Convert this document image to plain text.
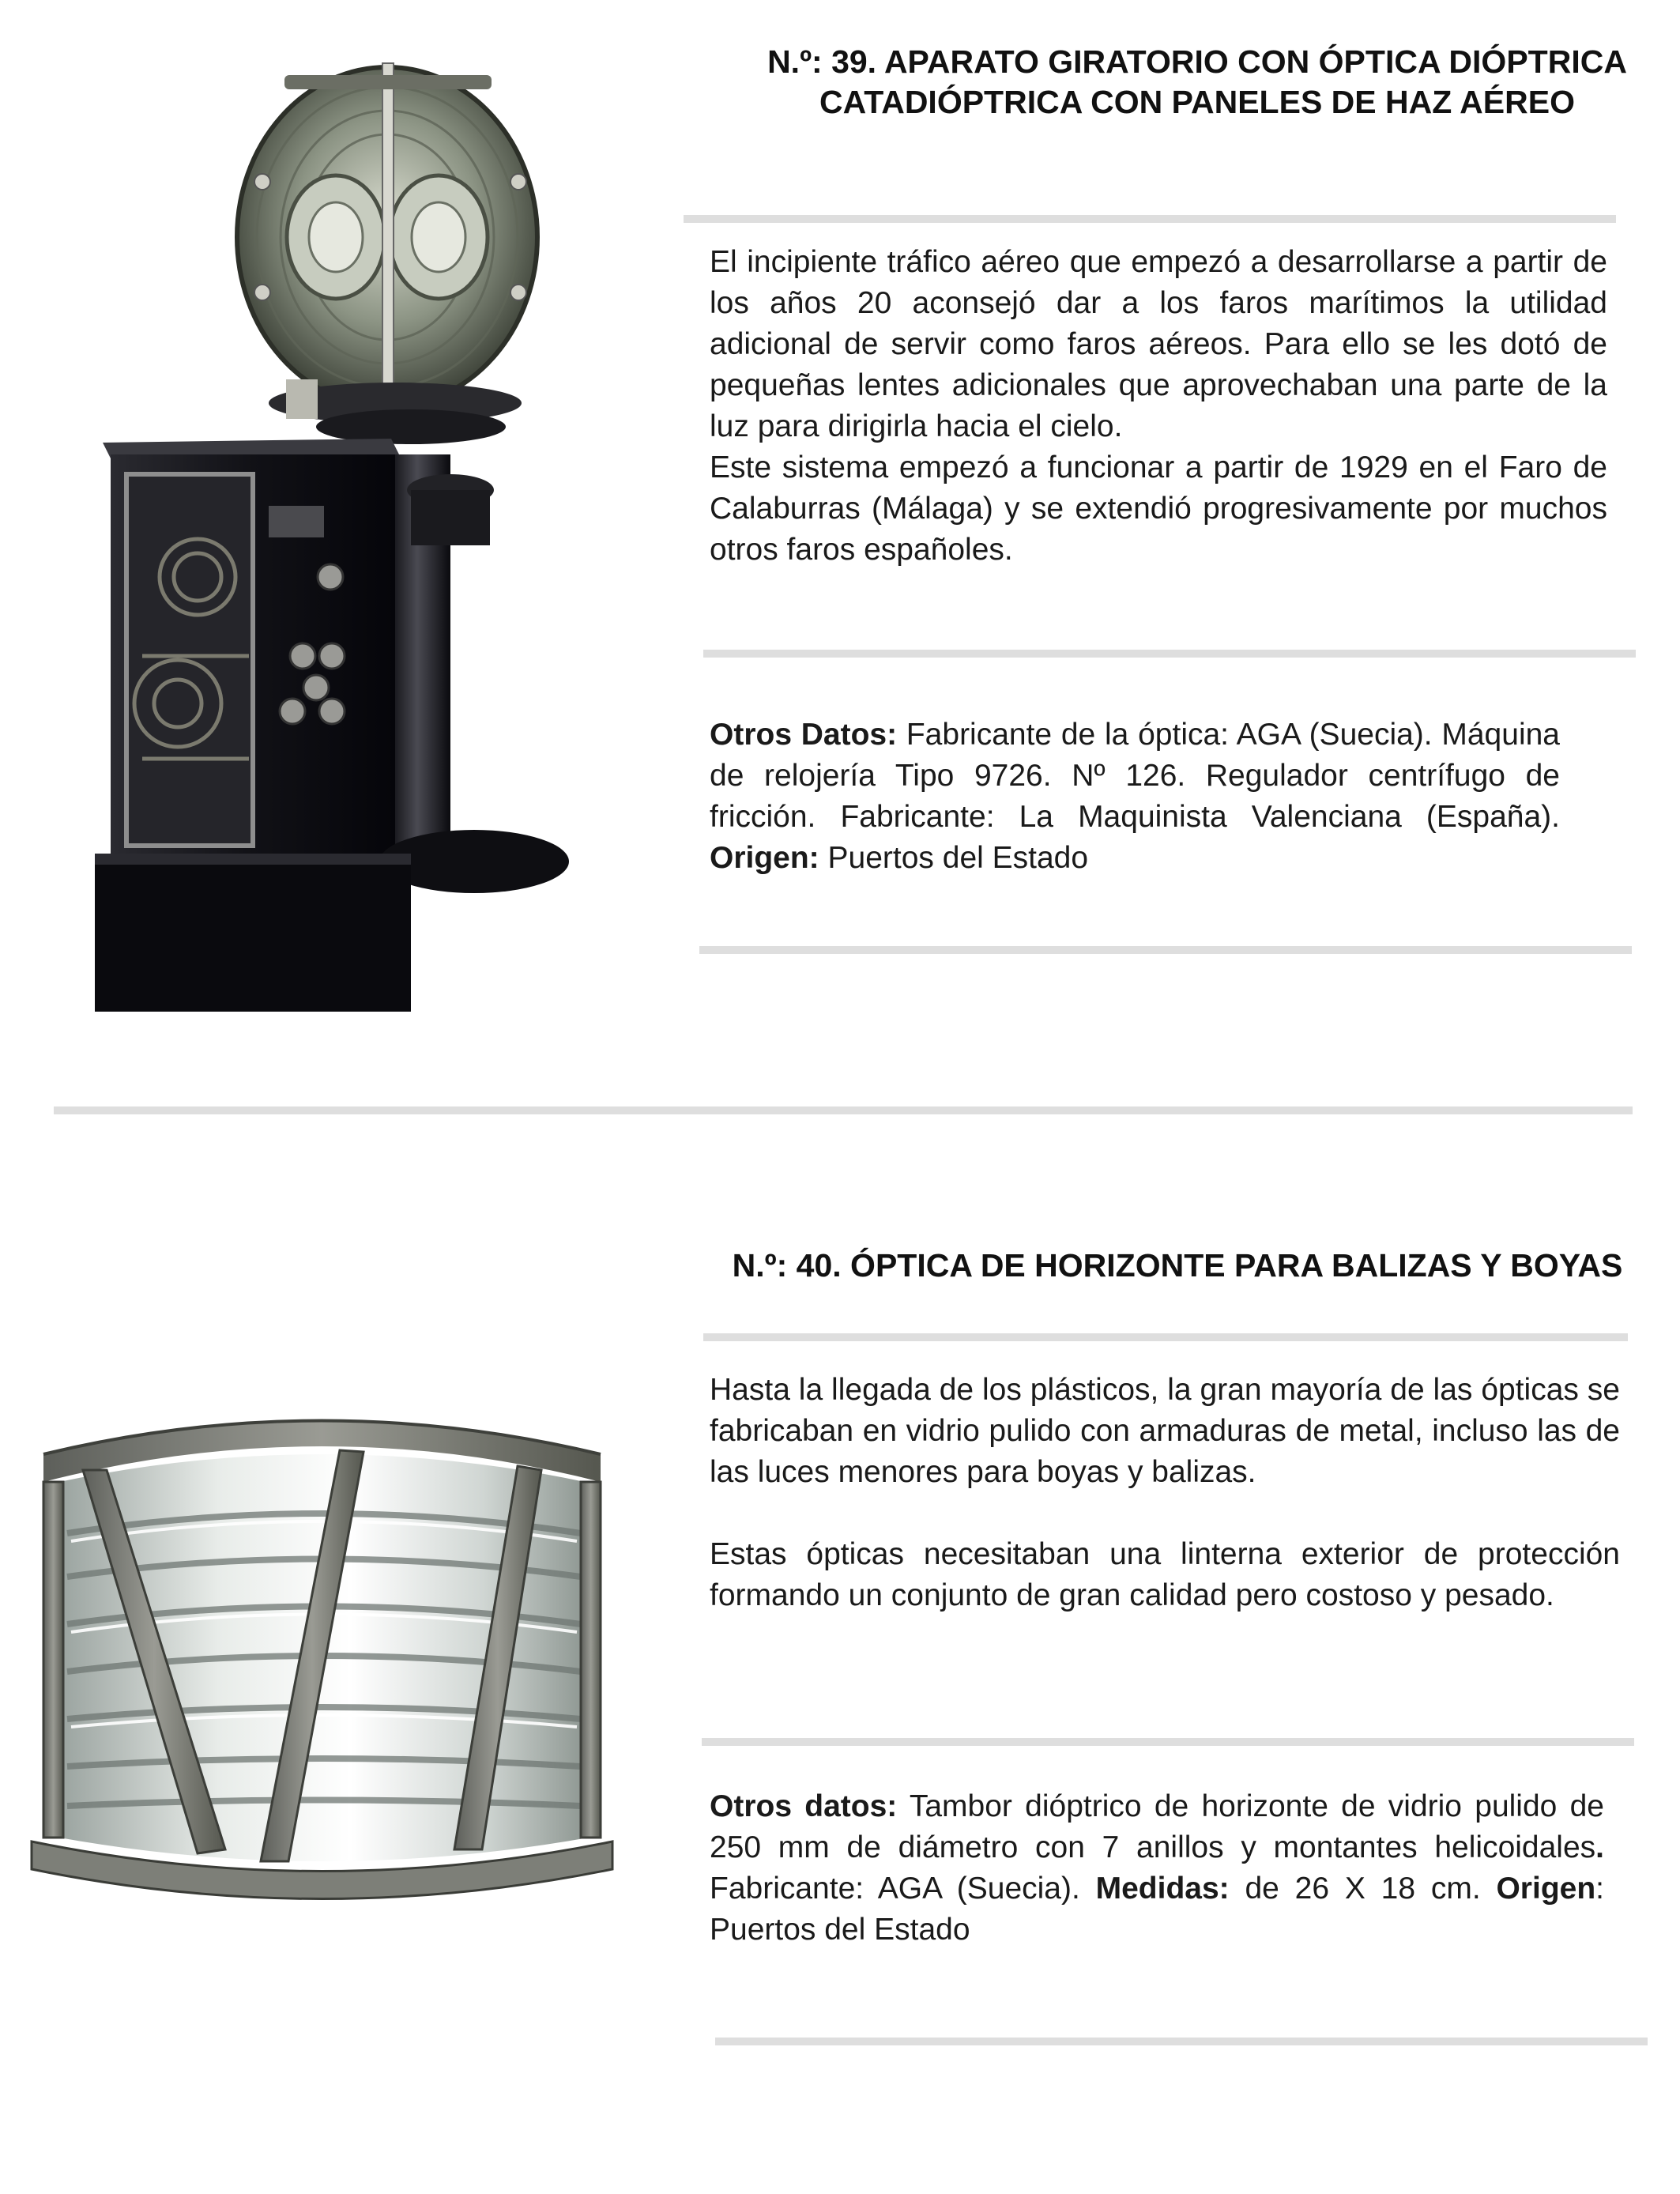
N.º: 39. APARATO GIRATORIO CON ÓPTICA DIÓPTRICA CATADIÓPTRICA CON PANELES DE HAZ AÉREO

El incipiente tráfico aéreo que empezó a desarrollarse a partir de los años 20 aconsejó dar a los faros marítimos la utilidad adicional de servir como faros aéreos. Para ello se les dotó de pequeñas lentes adicionales que aprovechaban una parte de la luz para dirigirla hacia el cielo.

Este sistema empezó a funcionar a partir de 1929 en el Faro de Calaburras (Málaga) y se extendió progresivamente por muchos otros faros españoles.

Otros Datos: Fabricante de la óptica: AGA (Suecia). Máquina de relojería Tipo 9726. Nº 126. Regulador centrífugo de fricción. Fabricante: La Maquinista Valenciana (España). Origen: Puertos del Estado

N.º: 40. ÓPTICA DE HORIZONTE PARA BALIZAS Y BOYAS

Hasta la llegada de los plásticos, la gran mayoría de las ópticas se fabricaban en vidrio pulido con armaduras de metal, incluso las de las luces menores para boyas y balizas.

Estas ópticas necesitaban una linterna exterior de protección formando un conjunto de gran calidad pero costoso y pesado.

Otros datos: Tambor dióptrico de horizonte de vidrio pulido de 250 mm de diámetro con 7 anillos y montantes helicoidales. Fabricante: AGA (Suecia). Medidas: de 26 X 18 cm. Origen: Puertos del Estado
